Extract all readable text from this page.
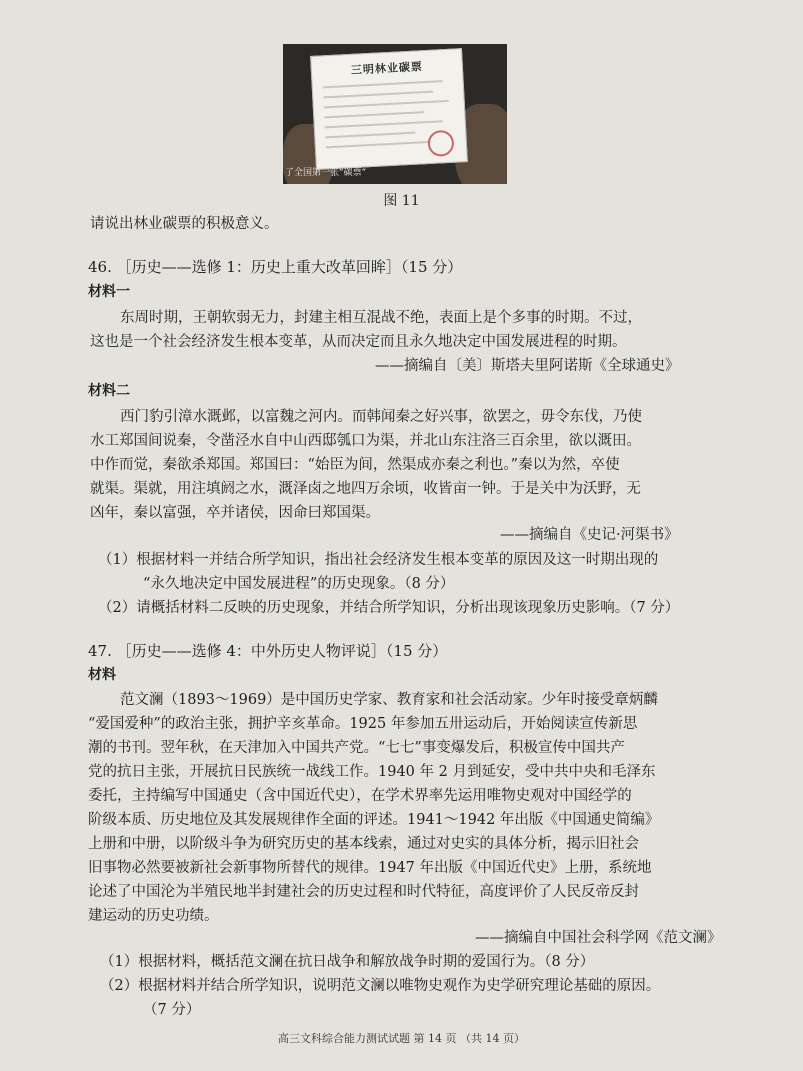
三明林业碳票
了全国第一张“碳票”
图 11
请说出林业碳票的积极意义。
46. ［历史——选修 1：历史上重大改革回眸］（15 分）
材料一
东周时期，王朝软弱无力，封建主相互混战不绝，表面上是个多事的时期。不过，
这也是一个社会经济发生根本变革，从而决定而且永久地决定中国发展进程的时期。
——摘编自〔美〕斯塔夫里阿诺斯《全球通史》
材料二
西门豹引漳水溉邺，以富魏之河内。而韩闻秦之好兴事，欲罢之，毋令东伐，乃使
水工郑国间说秦，令凿泾水自中山西邸瓠口为渠，并北山东注洛三百余里，欲以溉田。
中作而觉，秦欲杀郑国。郑国曰：“始臣为间，然渠成亦秦之利也。”秦以为然，卒使
就渠。渠就，用注填阏之水，溉泽卤之地四万余顷，收皆亩一钟。于是关中为沃野，无
凶年，秦以富强，卒并诸侯，因命曰郑国渠。
——摘编自《史记·河渠书》
（1）根据材料一并结合所学知识，指出社会经济发生根本变革的原因及这一时期出现的
“永久地决定中国发展进程”的历史现象。（8 分）
（2）请概括材料二反映的历史现象，并结合所学知识，分析出现该现象历史影响。（7 分）
47. ［历史——选修 4：中外历史人物评说］（15 分）
材料
范文澜（1893～1969）是中国历史学家、教育家和社会活动家。少年时接受章炳麟
“爱国爱种”的政治主张，拥护辛亥革命。1925 年参加五卅运动后，开始阅读宣传新思
潮的书刊。翌年秋，在天津加入中国共产党。“七七”事变爆发后，积极宣传中国共产
党的抗日主张，开展抗日民族统一战线工作。1940 年 2 月到延安，受中共中央和毛泽东
委托，主持编写中国通史（含中国近代史），在学术界率先运用唯物史观对中国经学的
阶级本质、历史地位及其发展规律作全面的评述。1941～1942 年出版《中国通史简编》
上册和中册，以阶级斗争为研究历史的基本线索，通过对史实的具体分析，揭示旧社会
旧事物必然要被新社会新事物所替代的规律。1947 年出版《中国近代史》上册，系统地
论述了中国沦为半殖民地半封建社会的历史过程和时代特征，高度评价了人民反帝反封
建运动的历史功绩。
——摘编自中国社会科学网《范文澜》
（1）根据材料，概括范文澜在抗日战争和解放战争时期的爱国行为。（8 分）
（2）根据材料并结合所学知识，说明范文澜以唯物史观作为史学研究理论基础的原因。
（7 分）
高三文科综合能力测试试题 第 14 页 （共 14 页）
